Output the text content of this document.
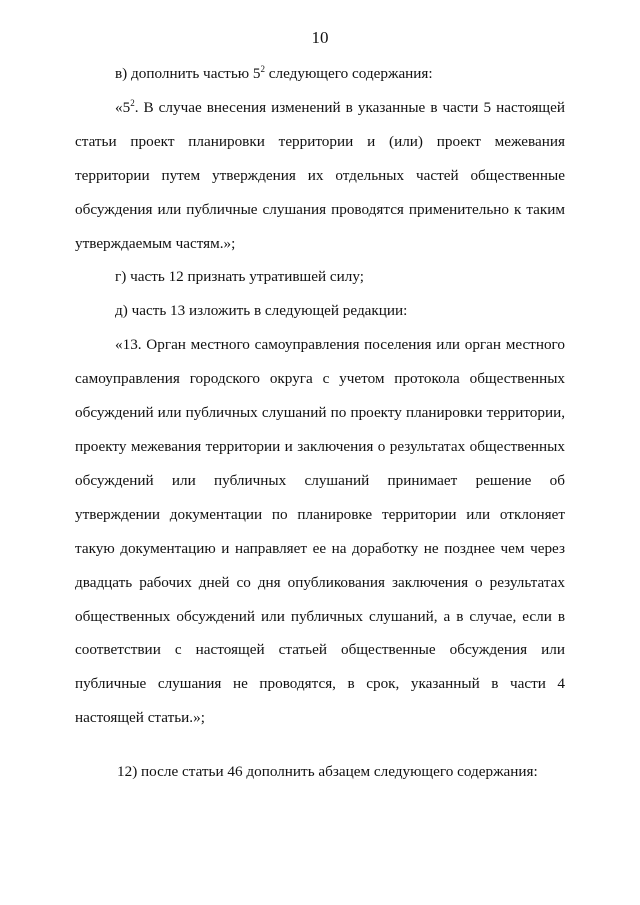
10

в) дополнить частью $5^2$ следующего содержания:

«$5^2$. В случае внесения изменений в указанные в части 5 настоящей статьи проект планировки территории и (или) проект межевания территории путем утверждения их отдельных частей общественные обсуждения или публичные слушания проводятся применительно к таким утверждаемым частям.»;

г) часть 12 признать утратившей силу;

д) часть 13 изложить в следующей редакции:

«13. Орган местного самоуправления поселения или орган местного самоуправления городского округа с учетом протокола общественных обсуждений или публичных слушаний по проекту планировки территории, проекту межевания территории и заключения о результатах общественных обсуждений или публичных слушаний принимает решение об утверждении документации по планировке территории или отклоняет такую документацию и направляет ее на доработку не позднее чем через двадцать рабочих дней со дня опубликования заключения о результатах общественных обсуждений или публичных слушаний, а в случае, если в соответствии с настоящей статьей общественные обсуждения или публичные слушания не проводятся, в срок, указанный в части 4 настоящей статьи.»;

12) после статьи 46 дополнить абзацем следующего содержания:
